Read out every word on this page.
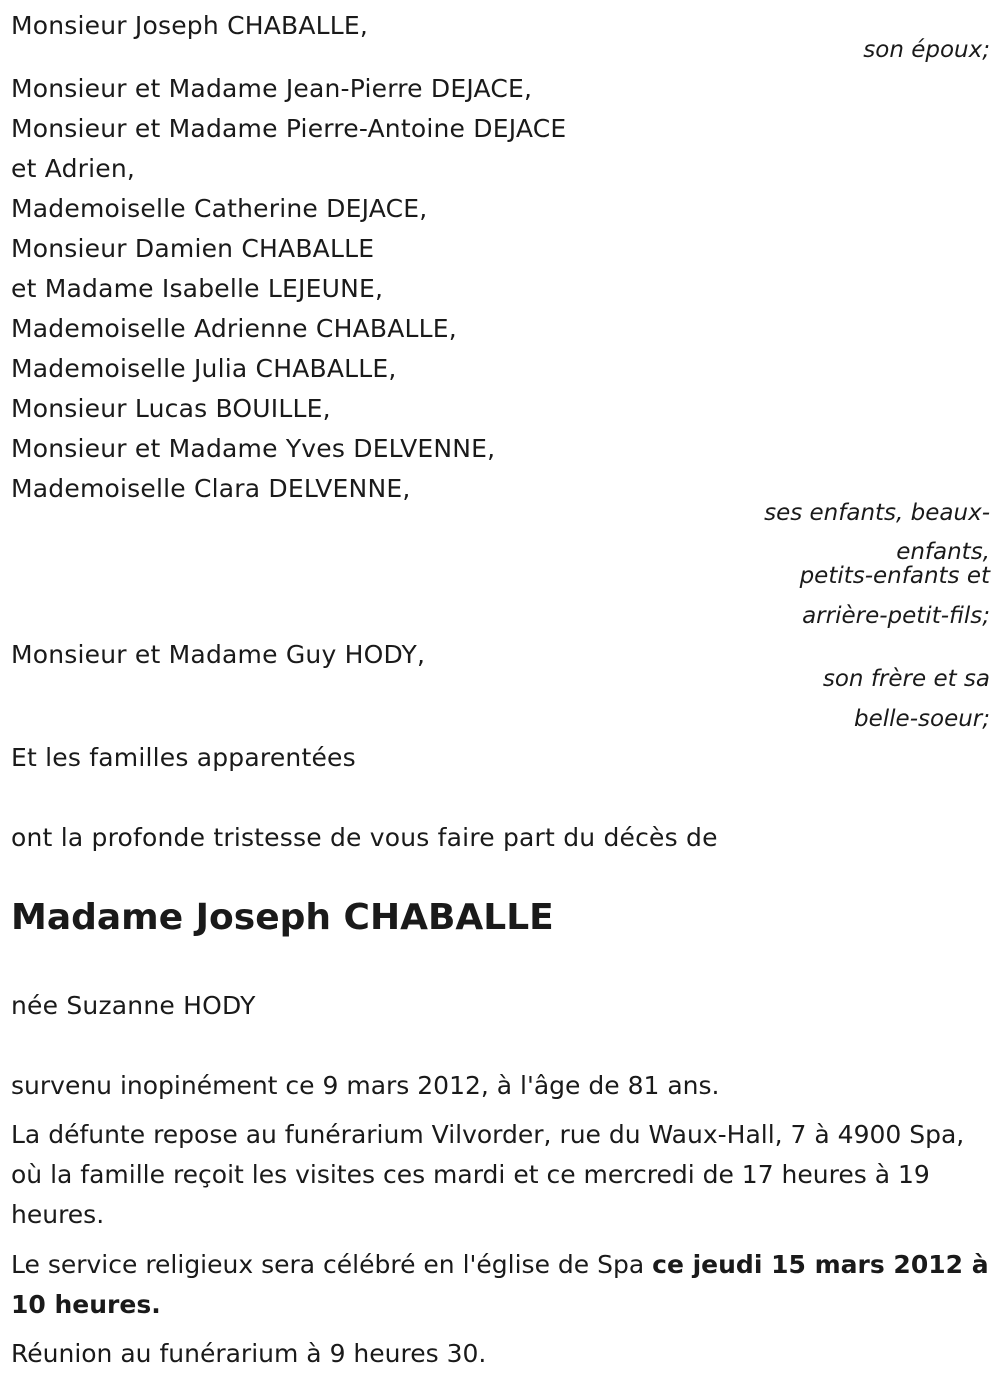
Monsieur Joseph CHABALLE,
son époux;
Monsieur et Madame Jean-Pierre DEJACE,
Monsieur et Madame Pierre-Antoine DEJACE
et Adrien,
Mademoiselle Catherine DEJACE,
Monsieur Damien CHABALLE
et Madame Isabelle LEJEUNE,
Mademoiselle Adrienne CHABALLE,
Mademoiselle Julia CHABALLE,
Monsieur Lucas BOUILLE,
Monsieur et Madame Yves DELVENNE,
Mademoiselle Clara DELVENNE,
ses enfants, beaux-
enfants,
petits-enfants et
arrière-petit-fils;
Monsieur et Madame Guy HODY,
son frère et sa
belle-soeur;
Et les familles apparentées
ont la profonde tristesse de vous faire part du décès de
Madame Joseph CHABALLE
née Suzanne HODY
survenu inopinément ce 9 mars 2012, à l'âge de 81 ans.
La défunte repose au funérarium Vilvorder, rue du Waux-Hall, 7 à 4900 Spa, où la famille reçoit les visites ces mardi et ce mercredi de 17 heures à 19 heures.
Le service religieux sera célébré en l'église de Spa ce jeudi 15 mars 2012 à 10 heures.
Réunion au funérarium à 9 heures 30.
